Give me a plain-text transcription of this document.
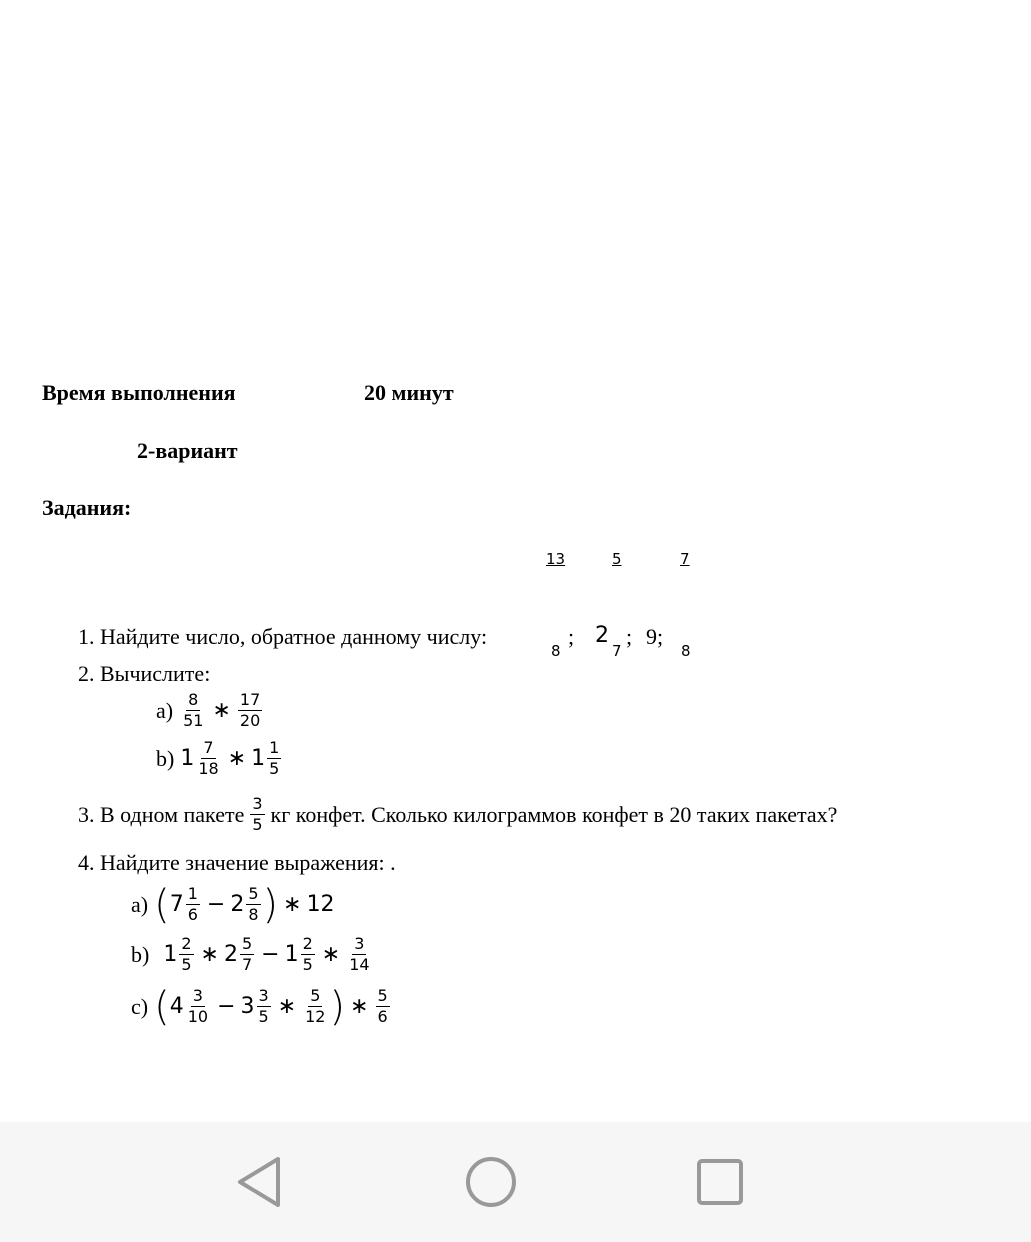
Время выполнения	20 минут
2-вариант
Задания:
13	5	7
1. Найдите число, обратное данному числу:
8
; 2
7
; 9;
8
2. Вычислите:
$a) \frac{8}{51}$ ∗ $\frac{17}{20}$
b) $1 \frac{7}{18}$ ∗ $1 \frac{1}{5}$
3. В одном пакете $\frac{3}{5}$ кг конфет. Сколько килограммов конфет в 20 таких пакетах?
4. Найдите значение выражения: .
a) ( $7 \frac{1}{6} - 2 \frac{5}{8}$ ) ∗ 12
b) $1 \frac{2}{5}$ ∗ $2 \frac{5}{7} - 1 \frac{2}{5}$ ∗ $\frac{3}{14}$
c) ( $4 \frac{3}{10} - 3 \frac{3}{5}$ ∗ $\frac{5}{12}$ ) ∗ $\frac{5}{6}$
